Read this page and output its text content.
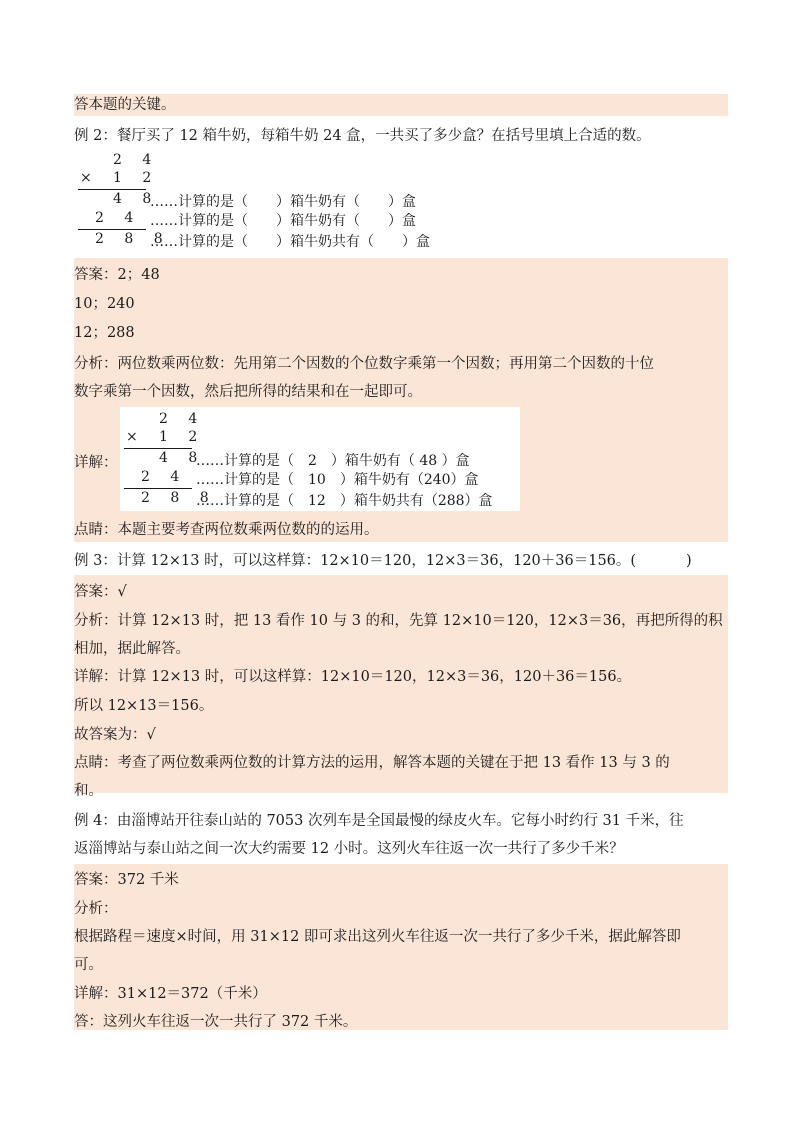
答本题的关键。
例 2：餐厅买了 12 箱牛奶，每箱牛奶 24 盒，一共买了多少盒？在括号里填上合适的数。
2 4
× 1 2
4 8
……计算的是（　　）箱牛奶有（　　）盒
2 4 ……计算的是（　　）箱牛奶有（　　）盒
2 8 8
……计算的是（　　）箱牛奶共有（　　）盒
答案：2；48
10；240
12；288
分析：两位数乘两位数：先用第二个因数的个位数字乘第一个因数；再用第二个因数的十位
数字乘第一个因数，然后把所得的结果和在一起即可。
详解：
2 4
× 1 2
4 8
……计算的是（　2　）箱牛奶有（ 48 ）盒
2 4 ……计算的是（　10　）箱牛奶有（240）盒
2 8 8
……计算的是（　12　）箱牛奶共有（288）盒
点睛：本题主要考查两位数乘两位数的的运用。
例 3：计算 12×13 时，可以这样算：12×10＝120，12×3＝36，120＋36＝156。(	)
答案：√
分析：计算 12×13 时，把 13 看作 10 与 3 的和，先算 12×10＝120，12×3＝36，再把所得的积
相加，据此解答。
详解：计算 12×13 时，可以这样算：12×10＝120，12×3＝36，120＋36＝156。
所以 12×13＝156。
故答案为：√
点睛：考查了两位数乘两位数的计算方法的运用，解答本题的关键在于把 13 看作 13 与 3 的
和。
例 4：由淄博站开往泰山站的 7053 次列车是全国最慢的绿皮火车。它每小时约行 31 千米，往
返淄博站与泰山站之间一次大约需要 12 小时。这列火车往返一次一共行了多少千米？
答案：372 千米
分析：
根据路程＝速度×时间，用 31×12 即可求出这列火车往返一次一共行了多少千米，据此解答即
可。
详解：31×12＝372（千米）
答：这列火车往返一次一共行了 372 千米。
